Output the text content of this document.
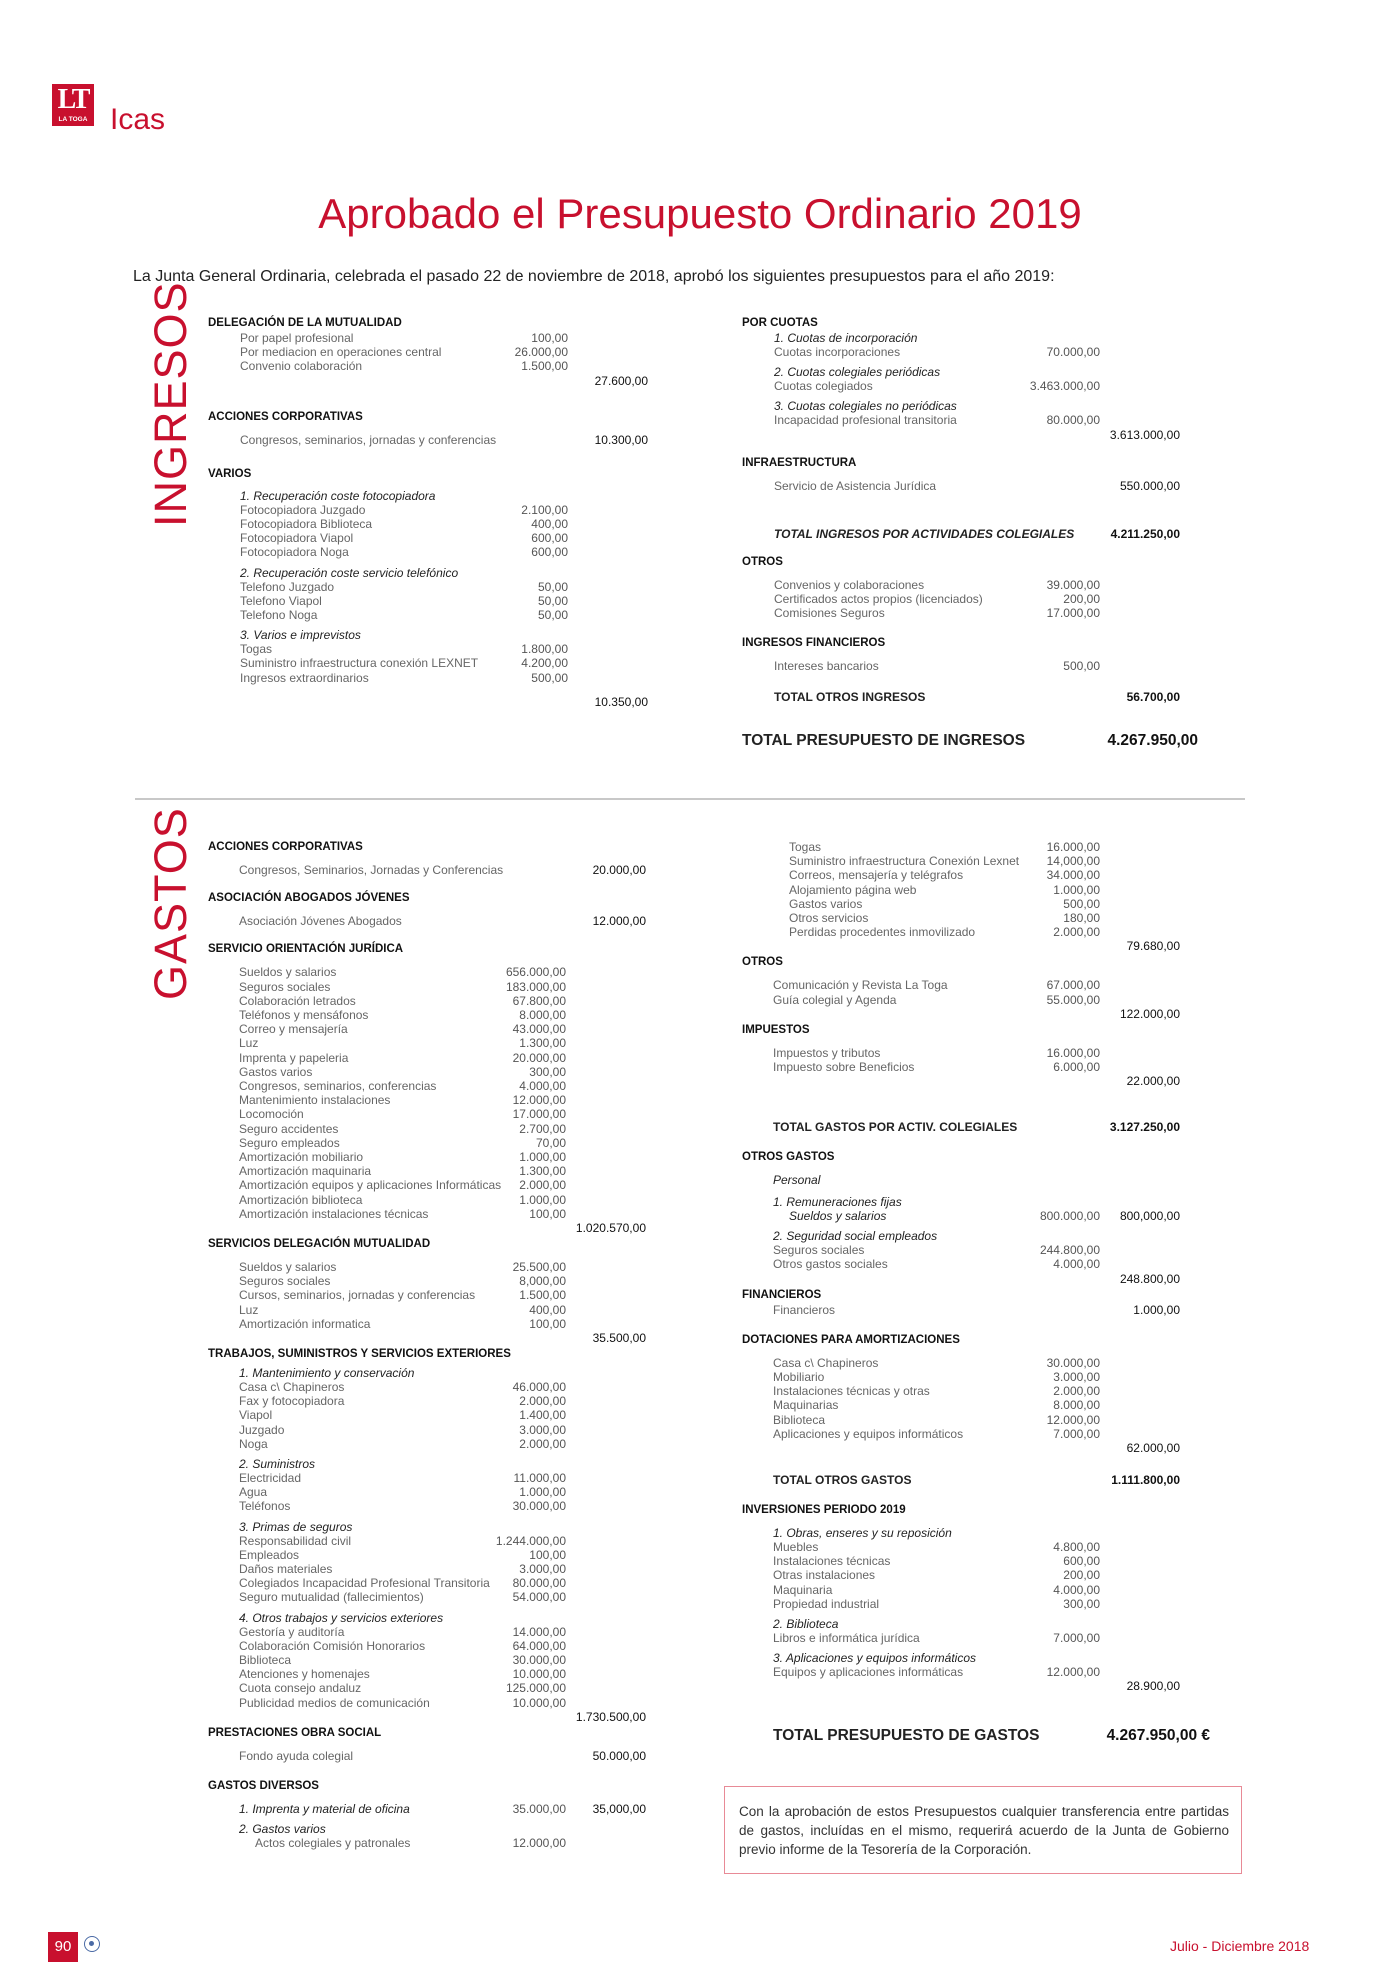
LT
LA TOGA Icas
Aprobado el Presupuesto Ordinario 2019
La Junta General Ordinaria, celebrada el pasado 22 de noviembre de 2018, aprobó los siguientes presupuestos para el año 2019:
INGRESOS
GASTOS
DELEGACIÓN DE LA MUTUALIDAD
Por papel profesional	100,00
Por mediacion en operaciones central	26.000,00
Convenio colaboración	1.500,00
27.600,00
ACCIONES CORPORATIVAS
Congresos, seminarios, jornadas y conferencias	10.300,00
VARIOS
1. Recuperación coste fotocopiadora
Fotocopiadora Juzgado	2.100,00
Fotocopiadora Biblioteca	400,00
Fotocopiadora Viapol	600,00
Fotocopiadora Noga	600,00
2. Recuperación coste servicio telefónico
Telefono Juzgado	50,00
Telefono Viapol	50,00
Telefono Noga	50,00
3. Varios e imprevistos
Togas	1.800,00
Suministro infraestructura conexión LEXNET	4.200,00
Ingresos extraordinarios	500,00
10.350,00
POR CUOTAS
1. Cuotas de incorporación
Cuotas incorporaciones	70.000,00
2. Cuotas colegiales periódicas
Cuotas colegiados	3.463.000,00
3. Cuotas colegiales no periódicas
Incapacidad profesional transitoria	80.000,00
3.613.000,00
INFRAESTRUCTURA
Servicio de Asistencia Jurídica	550.000,00
TOTAL INGRESOS POR ACTIVIDADES COLEGIALES	4.211.250,00
OTROS
Convenios y colaboraciones	39.000,00
Certificados actos propios (licenciados)	200,00
Comisiones Seguros	17.000,00
INGRESOS FINANCIEROS
Intereses bancarios	500,00
TOTAL OTROS INGRESOS	56.700,00
TOTAL PRESUPUESTO DE INGRESOS	4.267.950,00
ACCIONES CORPORATIVAS
Congresos, Seminarios, Jornadas y Conferencias	20.000,00
ASOCIACIÓN ABOGADOS JÓVENES
Asociación Jóvenes Abogados	12.000,00
SERVICIO ORIENTACIÓN JURÍDICA
Sueldos y salarios	656.000,00
Seguros sociales	183.000,00
Colaboración letrados	67.800,00
Teléfonos y mensáfonos	8.000,00
Correo y mensajería	43.000,00
Luz	1.300,00
Imprenta y papeleria	20.000,00
Gastos varios	300,00
Congresos, seminarios, conferencias	4.000,00
Mantenimiento instalaciones	12.000,00
Locomoción	17.000,00
Seguro accidentes	2.700,00
Seguro empleados	70,00
Amortización mobiliario	1.000,00
Amortización maquinaria	1.300,00
Amortización equipos y aplicaciones Informáticas 2.000,00
Amortización biblioteca	1.000,00
Amortización instalaciones técnicas	100,00
1.020.570,00
SERVICIOS DELEGACIÓN MUTUALIDAD
Sueldos y salarios	25.500,00
Seguros sociales	8,000,00
Cursos, seminarios, jornadas y conferencias	1.500,00
Luz	400,00
Amortización informatica	100,00
35.500,00
TRABAJOS, SUMINISTROS Y SERVICIOS EXTERIORES
1. Mantenimiento y conservación
Casa c\ Chapineros	46.000,00
Fax y fotocopiadora	2.000,00
Viapol	1.400,00
Juzgado	3.000,00
Noga	2.000,00
2. Suministros
Electricidad	11.000,00
Agua	1.000,00
Teléfonos	30.000,00
3. Primas de seguros
Responsabilidad civil	1.244.000,00
Empleados	100,00
Daños materiales	3.000,00
Colegiados Incapacidad Profesional Transitoria 80.000,00
Seguro mutualidad (fallecimientos)	54.000,00
4. Otros trabajos y servicios exteriores
Gestoría y auditoría	14.000,00
Colaboración Comisión Honorarios	64.000,00
Biblioteca	30.000,00
Atenciones y homenajes	10.000,00
Cuota consejo andaluz	125.000,00
Publicidad medios de comunicación	10.000,00
1.730.500,00
PRESTACIONES OBRA SOCIAL
Fondo ayuda colegial	50.000,00
GASTOS DIVERSOS
1. Imprenta y material de oficina	35.000,00 35,000,00
2. Gastos varios
Actos colegiales y patronales	12.000,00
Togas	16.000,00
Suministro infraestructura Conexión Lexnet 14,000,00
Correos, mensajería y telégrafos	34.000,00
Alojamiento página web	1.000,00
Gastos varios	500,00
Otros servicios	180,00
Perdidas procedentes inmovilizado	2.000,00
79.680,00
OTROS
Comunicación y Revista La Toga	67.000,00
Guía colegial y Agenda	55.000,00
122.000,00
IMPUESTOS
Impuestos y tributos	16.000,00
Impuesto sobre Beneficios	6.000,00
22.000,00
TOTAL GASTOS POR ACTIV. COLEGIALES	3.127.250,00
OTROS GASTOS
Personal
1. Remuneraciones fijas
Sueldos y salarios	800.000,00 800,000,00
2. Seguridad social empleados
Seguros sociales	244.800,00
Otros gastos sociales	4.000,00
248.800,00
FINANCIEROS
Financieros	1.000,00
DOTACIONES PARA AMORTIZACIONES
Casa c\ Chapineros	30.000,00
Mobiliario	3.000,00
Instalaciones técnicas y otras	2.000,00
Maquinarias	8.000,00
Biblioteca	12.000,00
Aplicaciones y equipos informáticos	7.000,00
62.000,00
TOTAL OTROS GASTOS	1.111.800,00
INVERSIONES PERIODO 2019
1. Obras, enseres y su reposición
Muebles	4.800,00
Instalaciones técnicas	600,00
Otras instalaciones	200,00
Maquinaria	4.000,00
Propiedad industrial	300,00
2. Biblioteca
Libros e informática jurídica	7.000,00
3. Aplicaciones y equipos informáticos
Equipos y aplicaciones informáticas	12.000,00
28.900,00
TOTAL PRESUPUESTO DE GASTOS	4.267.950,00 €
Con la aprobación de estos Presupuestos cualquier transferencia entre partidas de gastos, incluídas en el mismo, requerirá acuerdo de la Junta de Gobierno previo informe de la Tesorería de la Corporación.
90	Julio - Diciembre 2018
